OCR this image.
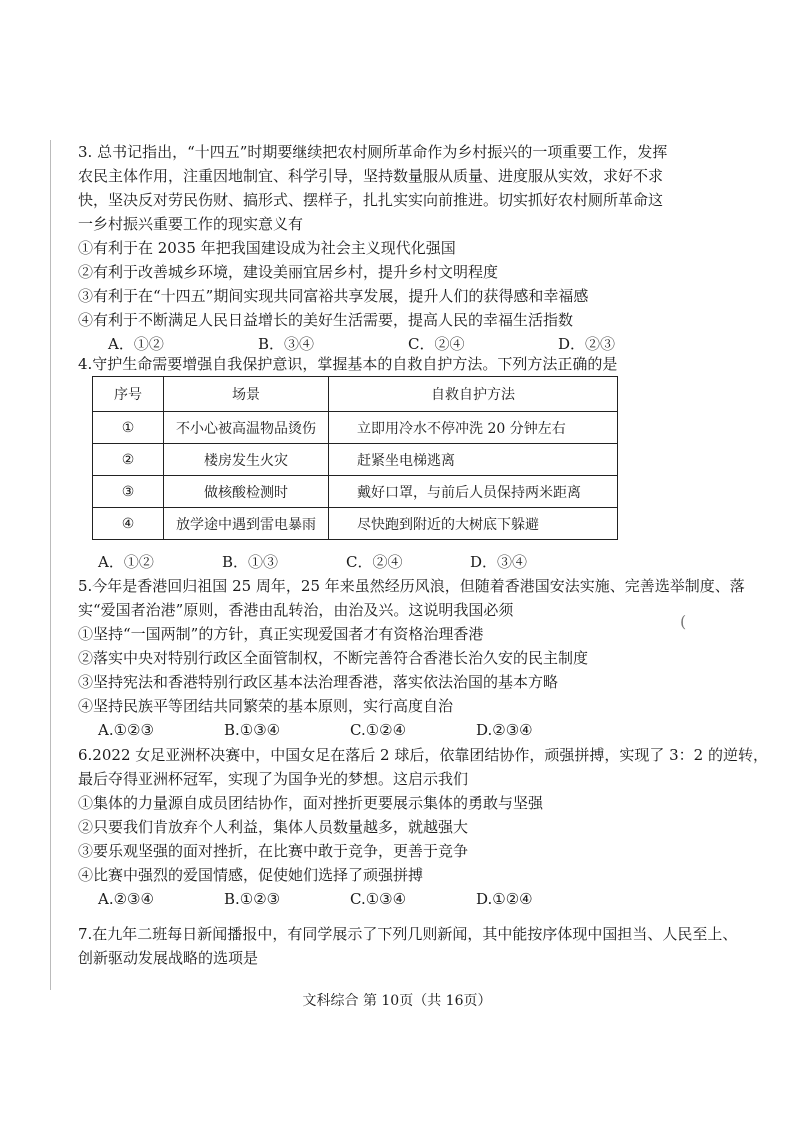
3. 总书记指出，“十四五”时期要继续把农村厕所革命作为乡村振兴的一项重要工作，发挥
农民主体作用，注重因地制宜、科学引导，坚持数量服从质量、进度服从实效，求好不求
快，坚决反对劳民伤财、搞形式、摆样子，扎扎实实向前推进。切实抓好农村厕所革命这
一乡村振兴重要工作的现实意义有
①有利于在 2035 年把我国建设成为社会主义现代化强国
②有利于改善城乡环境，建设美丽宜居乡村，提升乡村文明程度
③有利于在“十四五”期间实现共同富裕共享发展，提升人们的获得感和幸福感
④有利于不断满足人民日益增长的美好生活需要，提高人民的幸福生活指数
A．①②	B．③④	C．②④	D．②③
4.守护生命需要增强自我保护意识，掌握基本的自救自护方法。下列方法正确的是
序号	场景	自救自护方法
①	不小心被高温物品烫伤	立即用冷水不停冲洗 20 分钟左右
②	楼房发生火灾	赶紧坐电梯逃离
③	做核酸检测时	戴好口罩，与前后人员保持两米距离
④	放学途中遇到雷电暴雨	尽快跑到附近的大树底下躲避
A．①②	B．①③	C．②④	D．③④
5.今年是香港回归祖国 25 周年，25 年来虽然经历风浪，但随着香港国安法实施、完善选举制度、落
实“爱国者治港”原则，香港由乱转治，由治及兴。这说明我国必须
①坚持“一国两制”的方针，真正实现爱国者才有资格治理香港
②落实中央对特别行政区全面管制权，不断完善符合香港长治久安的民主制度
③坚持宪法和香港特别行政区基本法治理香港，落实依法治国的基本方略
④坚持民族平等团结共同繁荣的基本原则，实行高度自治
A.①②③	B.①③④	C.①②④	D.②③④
6.2022 女足亚洲杯决赛中，中国女足在落后 2 球后，依靠团结协作，顽强拼搏，实现了 3：2 的逆转，
最后夺得亚洲杯冠军，实现了为国争光的梦想。这启示我们
①集体的力量源自成员团结协作，面对挫折更要展示集体的勇敢与坚强
②只要我们肯放弃个人利益，集体人员数量越多，就越强大
③要乐观坚强的面对挫折，在比赛中敢于竞争，更善于竞争
④比赛中强烈的爱国情感，促使她们选择了顽强拼搏
A.②③④	B.①②③	C.①③④	D.①②④
7.在九年二班每日新闻播报中，有同学展示了下列几则新闻，其中能按序体现中国担当、人民至上、
创新驱动发展战略的选项是
(
文科综合 第 10页（共 16页）
